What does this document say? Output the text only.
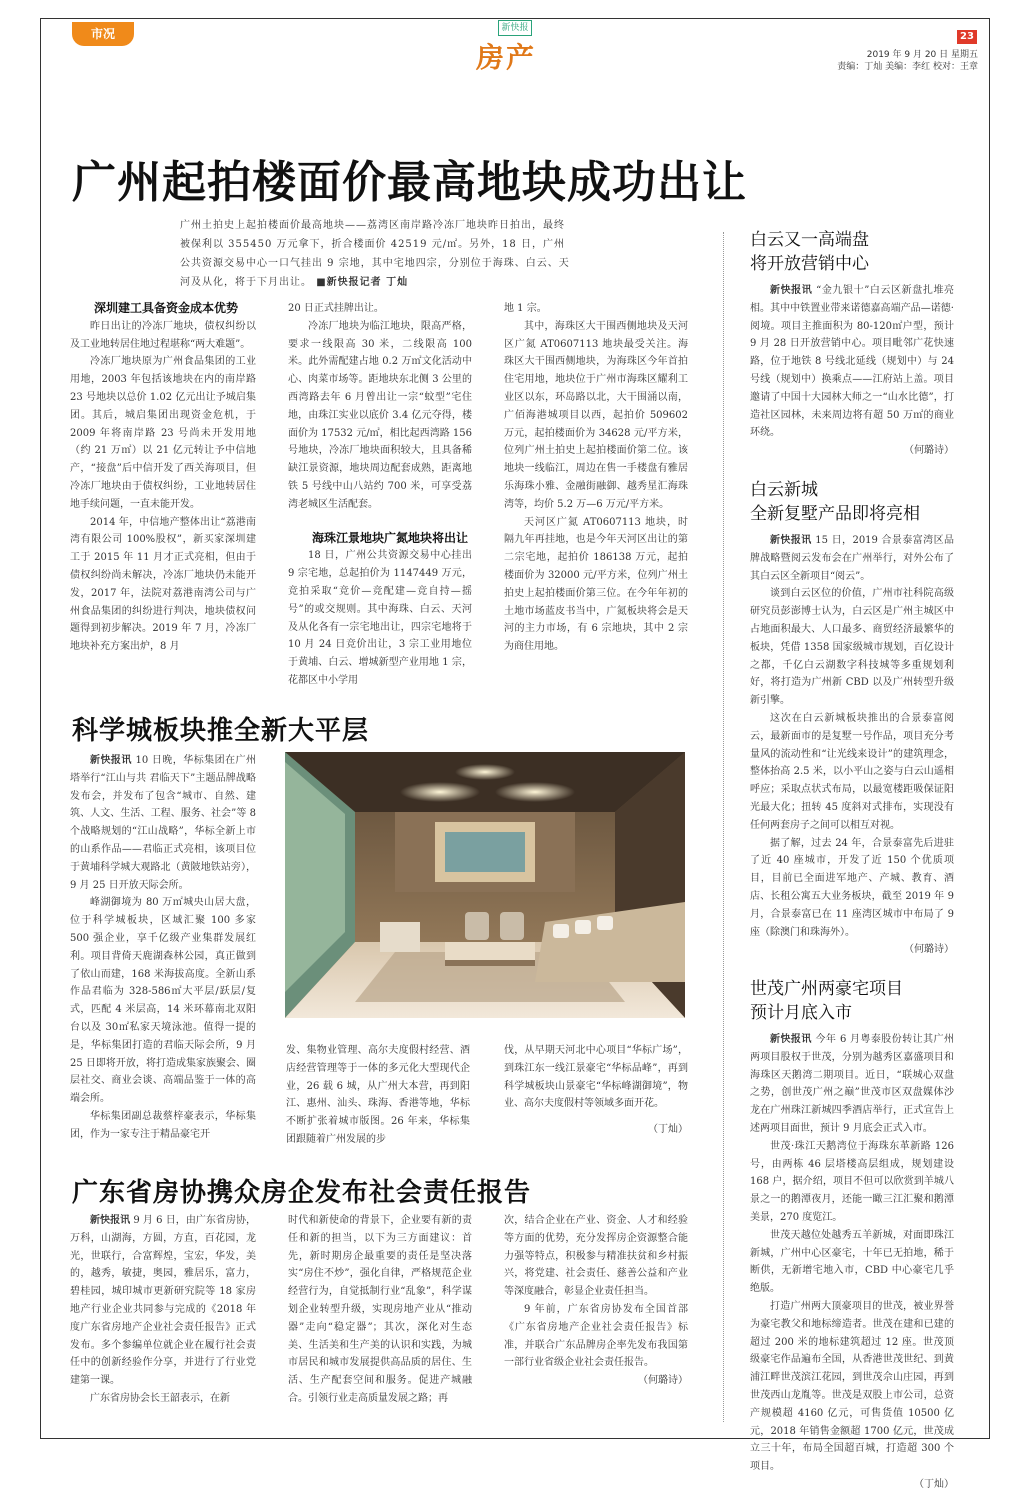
市况	新快报
房产
23
2019 年 9 月 20 日 星期五
责编：丁灿 美编：李红 校对：王章
广州起拍楼面价最高地块成功出让
广州土拍史上起拍楼面价最高地块——荔湾区南岸路冷冻厂地块昨日拍出，最终被保利以 355450 万元拿下，折合楼面价 42519 元/㎡。另外，18 日，广州公共资源交易中心一口气挂出 9 宗地，其中宅地四宗，分别位于海珠、白云、天河及从化，将于下月出让。 ■新快报记者 丁灿

深圳建工具备资金成本优势

昨日出让的冷冻厂地块，债权纠纷以及工业地转居住地过程堪称“两大难题”。

冷冻厂地块原为广州食品集团的工业用地，2003 年包括该地块在内的南岸路 23 号地块以总价 1.02 亿元出让予城启集团。其后，城启集团出现资金危机，于 2009 年将南岸路 23 号尚未开发用地（约 21 万㎡）以 21 亿元转让予中信地产，“接盘”后中信开发了西关海项目，但冷冻厂地块由于债权纠纷，工业地转居住地手续问题，一直未能开发。

2014 年，中信地产整体出让“荔港南湾有限公司 100%股权”，新买家深圳建工于 2015 年 11 月才正式亮相，但由于债权纠纷尚未解决，冷冻厂地块仍未能开发，2017 年，法院对荔港南湾公司与广州食品集团的纠纷进行判决，地块债权问题得到初步解决。2019 年 7 月，冷冻厂地块补充方案出炉，8 月

20 日正式挂牌出让。

冷冻厂地块为临江地块，限高严格，要求一线限高 30 米，二线限高 100 米。此外需配建占地 0.2 万㎡文化活动中心、肉菜市场等。距地块东北侧 3 公里的西湾路去年 6 月曾出让一宗“蚊型”宅住地，由珠江实业以底价 3.4 亿元夺得，楼面价为 17532 元/㎡，相比起西湾路 156 号地块，冷冻厂地块面积较大，且具备稀缺江景资源，地块周边配套成熟，距离地铁 5 号线中山八站约 700 米，可享受荔湾老城区生活配套。

海珠江景地块广氮地块将出让

18 日，广州公共资源交易中心挂出 9 宗宅地，总起拍价为 1147449 万元，竞拍采取“竞价—竞配建—竞自持—摇号”的或交规则。其中海珠、白云、天河及从化各有一宗宅地出让，四宗宅地将于 10 月 24 日竞价出让，3 宗工业用地位于黄埔、白云、增城新型产业用地 1 宗，花都区中小学用

地 1 宗。

其中，海珠区大干围西侧地块及天河区广氮 AT0607113 地块最受关注。海珠区大干围西侧地块，为海珠区今年首拍住宅用地，地块位于广州市海珠区耀利工业区以东，环岛路以北，大干围涌以南，广佰海港城项目以西，起拍价 509602 万元，起拍楼面价为 34628 元/平方米，位列广州土拍史上起拍楼面价第二位。该地块一线临江，周边在售一手楼盘有雅居乐海珠小雅、金融街融御、越秀星汇海珠湾等，均价 5.2 万—6 万元/平方米。

天河区广氮 AT0607113 地块，时隔九年再挂地，也是今年天河区出让的第二宗宅地，起拍价 186138 万元，起拍楼面价为 32000 元/平方米，位列广州土拍史上起拍楼面价第三位。在今年年初的土地市场蓝皮书当中，广氮板块将会是天河的主力市场，有 6 宗地块，其中 2 宗为商住用地。

科学城板块推全新大平层

新快报讯 10 日晚，华标集团在广州塔举行“江山与共 君临天下”主题品牌战略发布会，并发布了包含“城市、自然、建筑、人文、生活、工程、服务、社会”等 8 个战略规划的“江山战略”，华标全新上市的山系作品——君临正式亮相，该项目位于黄埔科学城大观路北（黄陂地铁站旁），9 月 25 日开放天际会所。

峰湖御境为 80 万㎡城央山居大盘，位于科学城板块，区域汇聚 100 多家 500 强企业，享千亿级产业集群发展红利。项目背倚天鹿湖森林公园，真正做到了依山而建，168 米海拔高度。全新山系作品君临为 328-586㎡大平层/跃层/复式，匹配 4 米层高，14 米环幕南北双阳台以及 30㎡私家天境泳池。值得一提的是，华标集团打造的君临天际会所，9 月 25 日即将开放，将打造成集家族聚会、圈层社交、商业会谈、高端品鉴于一体的高端会所。

华标集团副总裁蔡梓豪表示，华标集团，作为一家专注于精品豪宅开

发、集物业管理、高尔夫度假村经营、酒店经营管理等于一体的多元化大型现代企业，26 载 6 城，从广州大本营，再到阳江、惠州、汕头、珠海、香港等地，华标不断扩张着城市版图。26 年来，华标集团跟随着广州发展的步

伐，从早期天河北中心项目“华标广场”，到珠江东一线江景豪宅“华标品峰”，再到科学城板块山景豪宅“华标峰湖御境”，物业、高尔夫度假村等领域多面开花。

（丁灿）

广东省房协携众房企发布社会责任报告

新快报讯 9 月 6 日，由广东省房协，万科，山湖海，方圆，方直，百花园，龙光，世联行，合富辉煌，宝宏，华发，美的，越秀，敏捷，奥园，雅居乐，富力，碧桂园，城印城市更新研究院等 18 家房地产行业企业共同参与完成的《2018 年度广东省房地产企业社会责任报告》正式发布。多个参编单位就企业在履行社会责任中的创新经验作分享，并进行了行业党建第一课。

广东省房协会长王韶表示，在新

时代和新使命的背景下，企业要有新的责任和新的担当，以下为三方面建议：首先，新时期房企最重要的责任是坚决落实“房住不炒”，强化自律，严格规范企业经营行为，自觉抵制行业“乱象”，科学谋划企业转型升级，实现房地产业从“推动器”走向“稳定器”；其次，深化对生态美、生活美和生产美的认识和实践，为城市居民和城市发展提供高品质的居住、生活、生产配套空间和服务。促进产城融合。引领行业走高质量发展之路；再

次，结合企业在产业、资金、人才和经验等方面的优势，充分发挥房企资源整合能力强等特点，积极参与精准扶贫和乡村振兴，将党建、社会责任、慈善公益和产业等深度融合，彰显企业责任担当。

9 年前，广东省房协发布全国首部《广东省房地产企业社会责任报告》标准，并联合广东品牌房企率先发布我国第一部行业省级企业社会责任报告。

（何璐诗）

白云又一高端盘
将开放营销中心

新快报讯 “金九银十”白云区新盘扎堆亮相。其中中铁置业带来诺德嘉高端产品—诺德·阅境。项目主推面积为 80-120㎡户型，预计 9 月 28 日开放营销中心。项目毗邻广花快速路，位于地铁 8 号线北延线（规划中）与 24 号线（规划中）换乘点——江府站上盖。项目邀请了中国十大园林大师之一“山水比德”，打造社区园林，未来周边将有超 50 万㎡的商业环绕。

（何璐诗）

白云新城
全新复墅产品即将亮相

新快报讯 15 日，2019 合景泰富湾区品牌战略暨阅云发布会在广州举行，对外公布了其白云区全新项目“阅云”。

谈到白云区位的价值，广州市社科院高级研究员彭澎博士认为，白云区是广州主城区中占地面积最大、人口最多、商贸经济最繁华的板块，凭借 1358 国家级城市规划，百亿设计之都，千亿白云湖数字科技城等多重规划利好，将打造为广州新 CBD 以及广州转型升级新引擎。

这次在白云新城板块推出的合景泰富阅云，最新面市的是复墅一号作品，项目充分考量风的流动性和“让光线来设计”的建筑理念，整体抬高 2.5 米，以小平山之姿与白云山遥相呼应；采取点状式布局，以最宽楼距吸保证阳光最大化；扭转 45 度斜对式排布，实现没有任何两套房子之间可以相互对视。

据了解，过去 24 年，合景泰富先后进驻了近 40 座城市，开发了近 150 个优质项目，目前已全面进军地产、产城、教育、酒店、长租公寓五大业务板块，截至 2019 年 9 月，合景泰富已在 11 座湾区城市中布局了 9 座（除澳门和珠海外）。

（何璐诗）

世茂广州两豪宅项目
预计月底入市

新快报讯 今年 6 月粤泰股份转让其广州两项目股权于世茂，分别为越秀区嘉盛项目和海珠区天鹅湾二期项目。近日，“联城心双盘之势，创世茂广州之巅”世茂市区双盘媒体沙龙在广州珠江新城四季酒店举行，正式宣告上述两项目面世，预计 9 月底会正式入市。

世茂·珠江天鹅湾位于海珠东革新路 126 号，由两栋 46 层塔楼高层组成，规划建设 168 户，据介绍，项目不但可以欣赏到羊城八景之一的鹅潭夜月，还能一瞰三江汇聚和鹅潭美景，270 度览江。

世茂天越位处越秀五羊新城，对面即珠江新城，广州中心区豪宅，十年已无拍地，稀于断供，无新增宅地入市，CBD 中心豪宅几乎绝版。

打造广州两大顶豪项目的世茂，被业界誉为豪宅教父和地标缔造者。世茂在建和已建的超过 200 米的地标建筑超过 12 座。世茂顶级豪宅作品遍布全国，从香港世茂世纪、到黄浦江畔世茂滨江花园，到世茂佘山庄园，再到世茂西山龙胤等。世茂是双股上市公司，总资产规模超 4160 亿元，可售货值 10500 亿元，2018 年销售金额超 1700 亿元，世茂成立三十年，布局全国超百城，打造超 300 个项目。

（丁灿）
